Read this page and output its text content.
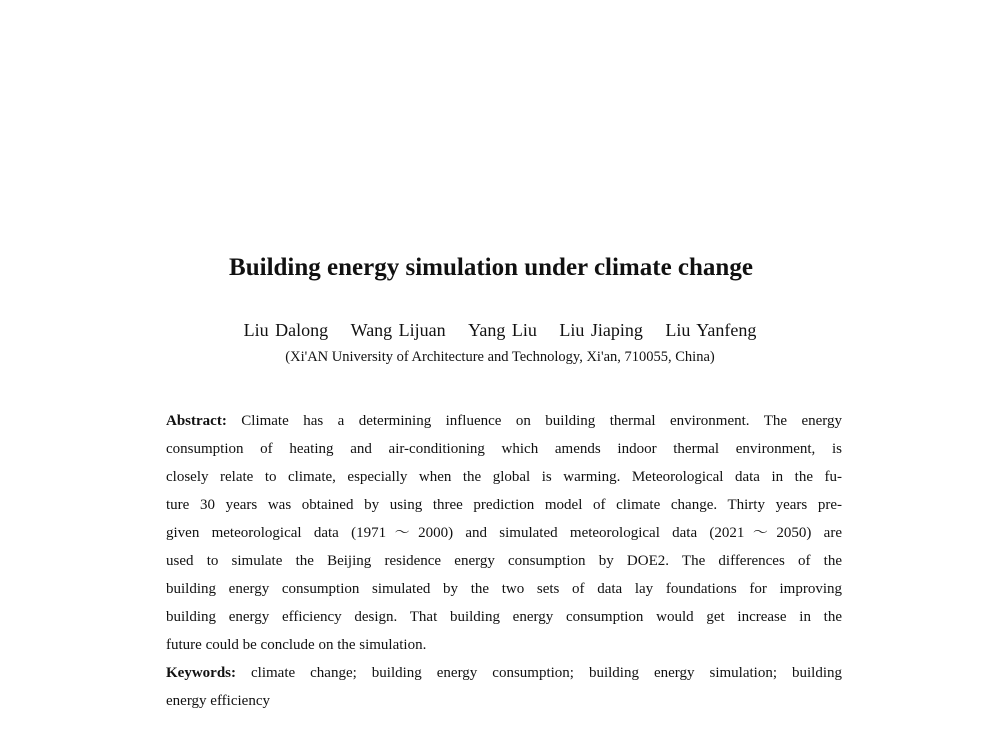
Building energy simulation under climate change
Liu Dalong Wang Lijuan Yang Liu Liu Jiaping Liu Yanfeng
(Xi'AN University of Architecture and Technology, Xi'an, 710055, China)
Abstract: Climate has a determining influence on building thermal environment. The energy
consumption of heating and air-conditioning which amends indoor thermal environment, is
closely relate to climate, especially when the global is warming. Meteorological data in the fu-
ture 30 years was obtained by using three prediction model of climate change. Thirty years pre-
given meteorological data (1971～2000) and simulated meteorological data (2021～2050) are
used to simulate the Beijing residence energy consumption by DOE2. The differences of the
building energy consumption simulated by the two sets of data lay foundations for improving
building energy efficiency design. That building energy consumption would get increase in the
future could be conclude on the simulation.
Keywords: climate change; building energy consumption; building energy simulation; building
energy efficiency
